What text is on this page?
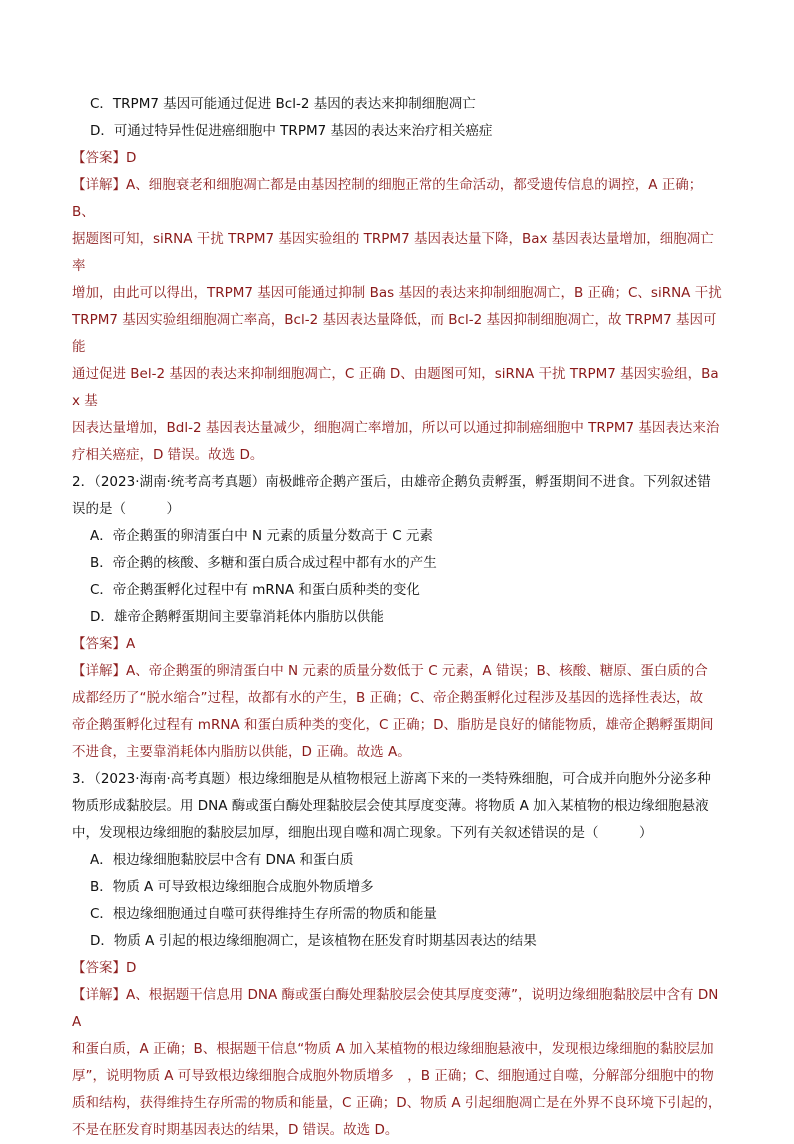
C．TRPM7 基因可能通过促进 Bcl-2 基因的表达来抑制细胞凋亡
D．可通过特异性促进癌细胞中 TRPM7 基因的表达来治疗相关癌症
【答案】D
【详解】A、细胞衰老和细胞凋亡都是由基因控制的细胞正常的生命活动，都受遗传信息的调控，A 正确；B、
据题图可知，siRNA 干扰 TRPM7 基因实验组的 TRPM7 基因表达量下降，Bax 基因表达量增加，细胞凋亡率
增加，由此可以得出，TRPM7 基因可能通过抑制 Bas 基因的表达来抑制细胞凋亡，B 正确；C、siRNA 干扰
TRPM7 基因实验组细胞凋亡率高，Bcl-2 基因表达量降低，而 Bcl-2 基因抑制细胞凋亡，故 TRPM7 基因可能
通过促进 Bel-2 基因的表达来抑制细胞凋亡，C 正确 D、由题图可知，siRNA 干扰 TRPM7 基因实验组，Bax 基
因表达量增加，Bdl-2 基因表达量减少，细胞凋亡率增加，所以可以通过抑制癌细胞中 TRPM7 基因表达来治
疗相关癌症，D 错误。故选 D。
2．（2023·湖南·统考高考真题）南极雌帝企鹅产蛋后，由雄帝企鹅负责孵蛋，孵蛋期间不进食。下列叙述错
误的是（　　　）
A．帝企鹅蛋的卵清蛋白中 N 元素的质量分数高于 C 元素
B．帝企鹅的核酸、多糖和蛋白质合成过程中都有水的产生
C．帝企鹅蛋孵化过程中有 mRNA 和蛋白质种类的变化
D．雄帝企鹅孵蛋期间主要靠消耗体内脂肪以供能
【答案】A
【详解】A、帝企鹅蛋的卵清蛋白中 N 元素的质量分数低于 C 元素，A 错误；B、核酸、糖原、蛋白质的合
成都经历了“脱水缩合”过程，故都有水的产生，B 正确；C、帝企鹅蛋孵化过程涉及基因的选择性表达，故
帝企鹅蛋孵化过程有 mRNA 和蛋白质种类的变化，C 正确；D、脂肪是良好的储能物质，雄帝企鹅孵蛋期间
不进食，主要靠消耗体内脂肪以供能，D 正确。故选 A。
3．（2023·海南·高考真题）根边缘细胞是从植物根冠上游离下来的一类特殊细胞，可合成并向胞外分泌多种
物质形成黏胶层。用 DNA 酶或蛋白酶处理黏胶层会使其厚度变薄。将物质 A 加入某植物的根边缘细胞悬液
中，发现根边缘细胞的黏胶层加厚，细胞出现自噬和凋亡现象。下列有关叙述错误的是（　　　）
A．根边缘细胞黏胶层中含有 DNA 和蛋白质
B．物质 A 可导致根边缘细胞合成胞外物质增多
C．根边缘细胞通过自噬可获得维持生存所需的物质和能量
D．物质 A 引起的根边缘细胞凋亡，是该植物在胚发育时期基因表达的结果
【答案】D
【详解】A、根据题干信息用 DNA 酶或蛋白酶处理黏胶层会使其厚度变薄”，说明边缘细胞黏胶层中含有 DNA
和蛋白质，A 正确；B、根据题干信息“物质 A 加入某植物的根边缘细胞悬液中，发现根边缘细胞的黏胶层加
厚”，说明物质 A 可导致根边缘细胞合成胞外物质增多　，B 正确；C、细胞通过自噬，分解部分细胞中的物
质和结构，获得维持生存所需的物质和能量，C 正确；D、物质 A 引起细胞凋亡是在外界不良环境下引起的，
不是在胚发育时期基因表达的结果，D 错误。故选 D。
